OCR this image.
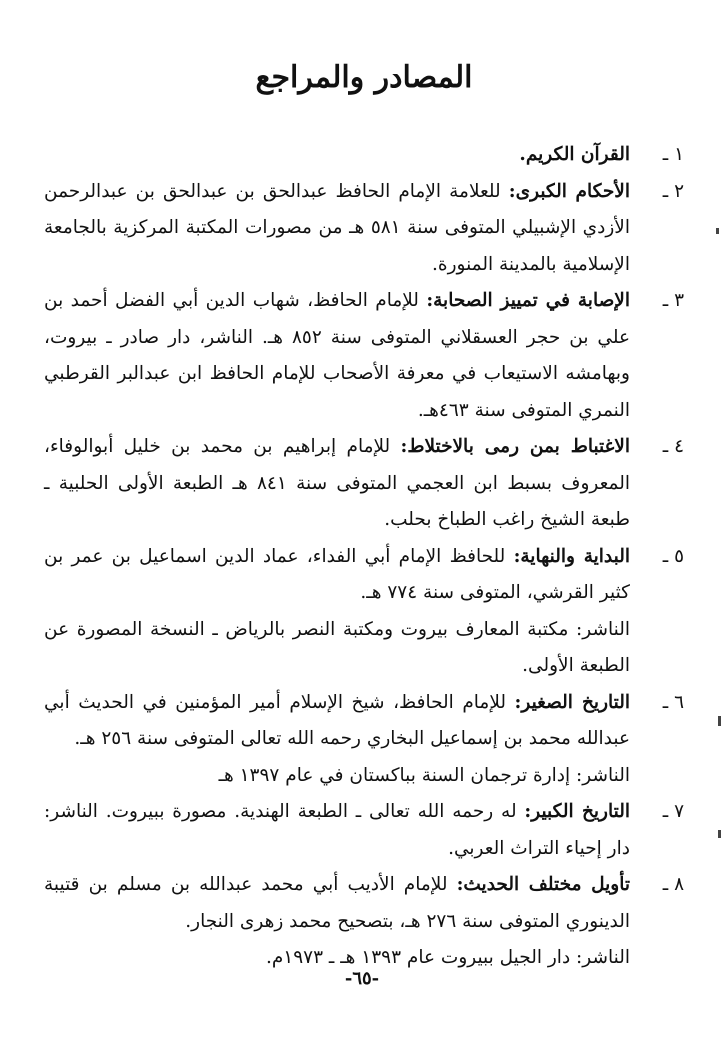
المصادر والمراجع
١ ـ
القرآن الكريم.
٢ ـ
الأحكام الكبرى: للعلامة الإمام الحافظ عبدالحق بن عبدالحق بن عبدالرحمن الأزدي الإشبيلي المتوفى سنة ٥٨١ هـ من مصورات المكتبة المركزية بالجامعة الإسلامية بالمدينة المنورة.
٣ ـ
الإصابة في تمييز الصحابة: للإمام الحافظ، شهاب الدين أبي الفضل أحمد بن علي بن حجر العسقلاني المتوفى سنة ٨٥٢ هـ. الناشر، دار صادر ـ بيروت، وبهامشه الاستيعاب في معرفة الأصحاب للإمام الحافظ ابن عبدالبر القرطبي النمري المتوفى سنة ٤٦٣هـ.
٤ ـ
الاغتباط بمن رمى بالاختلاط: للإمام إبراهيم بن محمد بن خليل أبوالوفاء، المعروف بسبط ابن العجمي المتوفى سنة ٨٤١ هـ الطبعة الأولى الحلبية ـ طبعة الشيخ راغب الطباخ بحلب.
٥ ـ
البداية والنهاية: للحافظ الإمام أبي الفداء، عماد الدين اسماعيل بن عمر بن كثير القرشي، المتوفى سنة ٧٧٤ هـ.
الناشر: مكتبة المعارف بيروت ومكتبة النصر بالرياض ـ النسخة المصورة عن الطبعة الأولى.
٦ ـ
التاريخ الصغير: للإمام الحافظ، شيخ الإسلام أمير المؤمنين في الحديث أبي عبدالله محمد بن إسماعيل البخاري رحمه الله تعالى المتوفى سنة ٢٥٦ هـ.
الناشر: إدارة ترجمان السنة بباكستان في عام ١٣٩٧ هـ
٧ ـ
التاريخ الكبير: له رحمه الله تعالى ـ الطبعة الهندية. مصورة ببيروت. الناشر: دار إحياء التراث العربي.
٨ ـ
تأويل مختلف الحديث: للإمام الأديب أبي محمد عبدالله بن مسلم بن قتيبة الدينوري المتوفى سنة ٢٧٦ هـ، بتصحيح محمد زهرى النجار.
الناشر: دار الجيل ببيروت عام ١٣٩٣ هـ ـ ١٩٧٣م.
-٦٥-
